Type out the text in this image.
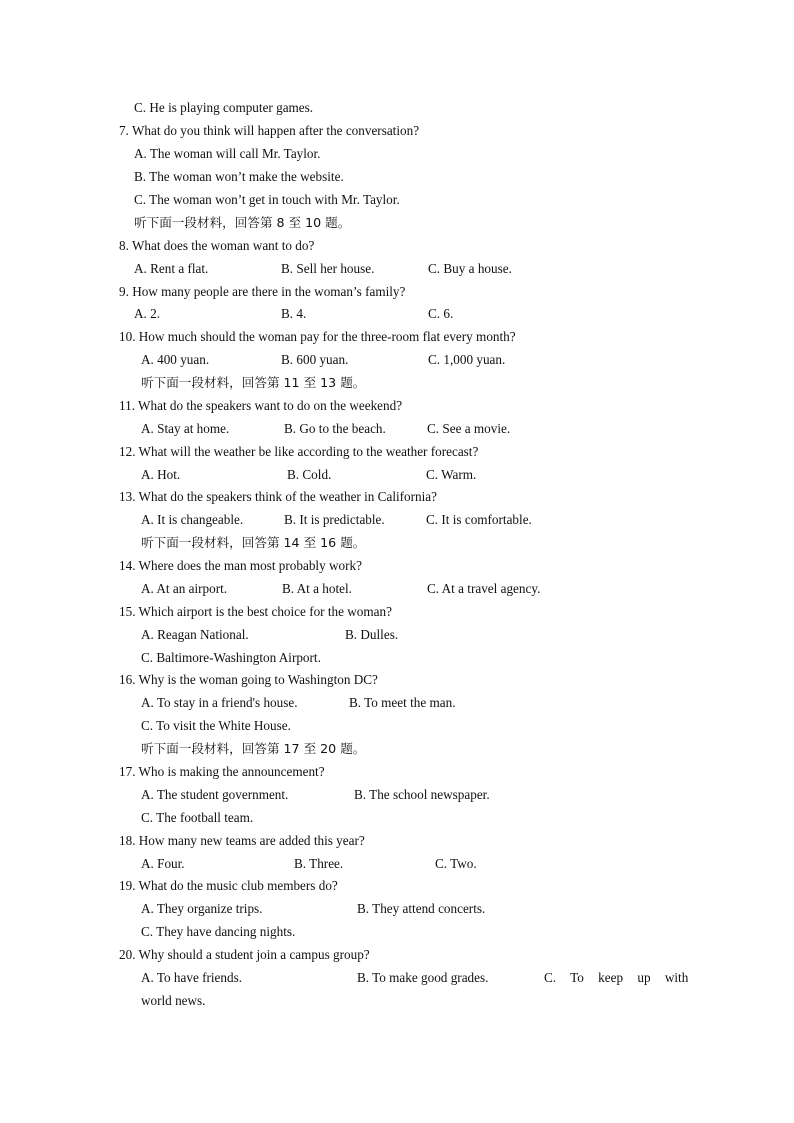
C. He is playing computer games.
7. What do you think will happen after the conversation?
A. The woman will call Mr. Taylor.
B. The woman won’t make the website.
C. The woman won’t get in touch with Mr. Taylor.
听下面一段材料，回答第 8 至 10 题。
8. What does the woman want to do?
A. Rent a flat.	B. Sell her house.	C. Buy a house.
9. How many people are there in the woman’s family?
A. 2.	B. 4.	C. 6.
10. How much should the woman pay for the three-room flat every month?
A. 400 yuan.	B. 600 yuan.	C. 1,000 yuan.
听下面一段材料，回答第 11 至 13 题。
11. What do the speakers want to do on the weekend?
A. Stay at home.	B. Go to the beach.	C. See a movie.
12. What will the weather be like according to the weather forecast?
A. Hot.	B. Cold.	C. Warm.
13. What do the speakers think of the weather in California?
A. It is changeable.	B. It is predictable.	C. It is comfortable.
听下面一段材料，回答第 14 至 16 题。
14. Where does the man most probably work?
A. At an airport.	B. At a hotel.	C. At a travel agency.
15. Which airport is the best choice for the woman?
A. Reagan National.	B. Dulles.
C. Baltimore-Washington Airport.
16. Why is the woman going to Washington DC?
A. To stay in a friend's house.	B. To meet the man.
C. To visit the White House.
听下面一段材料，回答第 17 至 20 题。
17. Who is making the announcement?
A. The student government.	B. The school newspaper.
C. The football team.
18. How many new teams are added this year?
A. Four.	B. Three.	C. Two.
19. What do the music club members do?
A. They organize trips.	B. They attend concerts.
C. They have dancing nights.
20. Why should a student join a campus group?
A. To have friends.	B. To make good grades.	C. To keep up with
world news.
